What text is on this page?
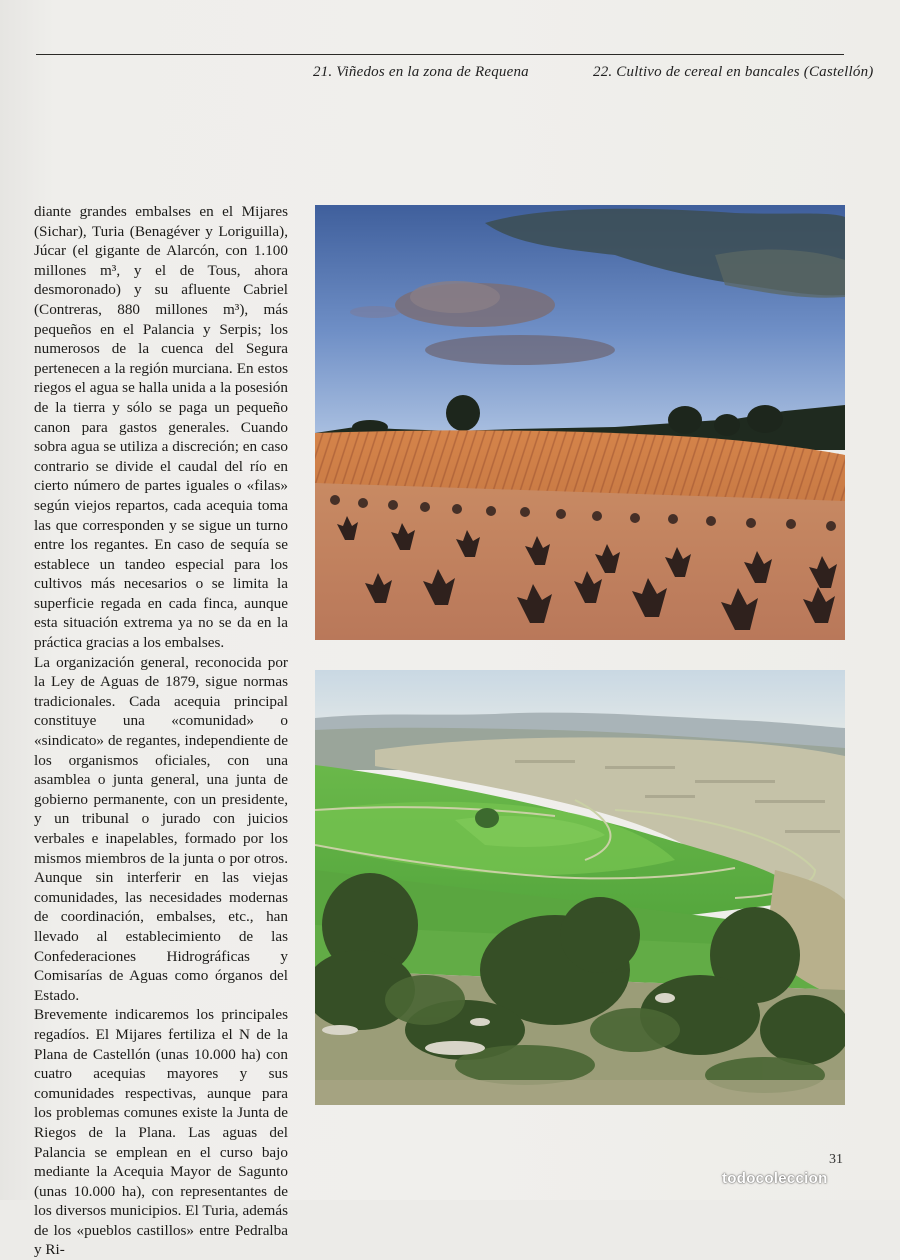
21. Viñedos en la zona de Requena	22. Cultivo de cereal en bancales (Castellón)

diante grandes embalses en el Mijares (Sichar), Turia (Benagéver y Loriguilla), Júcar (el gigante de Alarcón, con 1.100 millones m³, y el de Tous, ahora desmoronado) y su afluente Cabriel (Contreras, 880 millones m³), más pequeños en el Palancia y Serpis; los numerosos de la cuenca del Segura pertenecen a la región murciana. En estos riegos el agua se halla unida a la posesión de la tierra y sólo se paga un pequeño canon para gastos generales. Cuando sobra agua se utiliza a discreción; en caso contrario se divide el caudal del río en cierto número de partes iguales o «filas» según viejos repartos, cada acequia toma las que corresponden y se sigue un turno entre los regantes. En caso de sequía se establece un tandeo especial para los cultivos más necesarios o se limita la superficie regada en cada finca, aunque esta situación extrema ya no se da en la práctica gracias a los embalses.

La organización general, reconocida por la Ley de Aguas de 1879, sigue normas tradicionales. Cada acequia principal constituye una «comunidad» o «sindicato» de regantes, independiente de los organismos oficiales, con una asamblea o junta general, una junta de gobierno permanente, con un presidente, y un tribunal o jurado con juicios verbales e inapelables, formado por los mismos miembros de la junta o por otros. Aunque sin interferir en las viejas comunidades, las necesidades modernas de coordinación, embalses, etc., han llevado al establecimiento de las Confederaciones Hidrográficas y Comisarías de Aguas como órganos del Estado.

Brevemente indicaremos los principales regadíos. El Mijares fertiliza el N de la Plana de Castellón (unas 10.000 ha) con cuatro acequias mayores y sus comunidades respectivas, aunque para los problemas comunes existe la Junta de Riegos de la Plana. Las aguas del Palancia se emplean en el curso bajo mediante la Acequia Mayor de Sagunto (unas 10.000 ha), con representantes de los diversos municipios. El Turia, además de los «pueblos castillos» entre Pedralba y Ri-

31
todocoleccion
